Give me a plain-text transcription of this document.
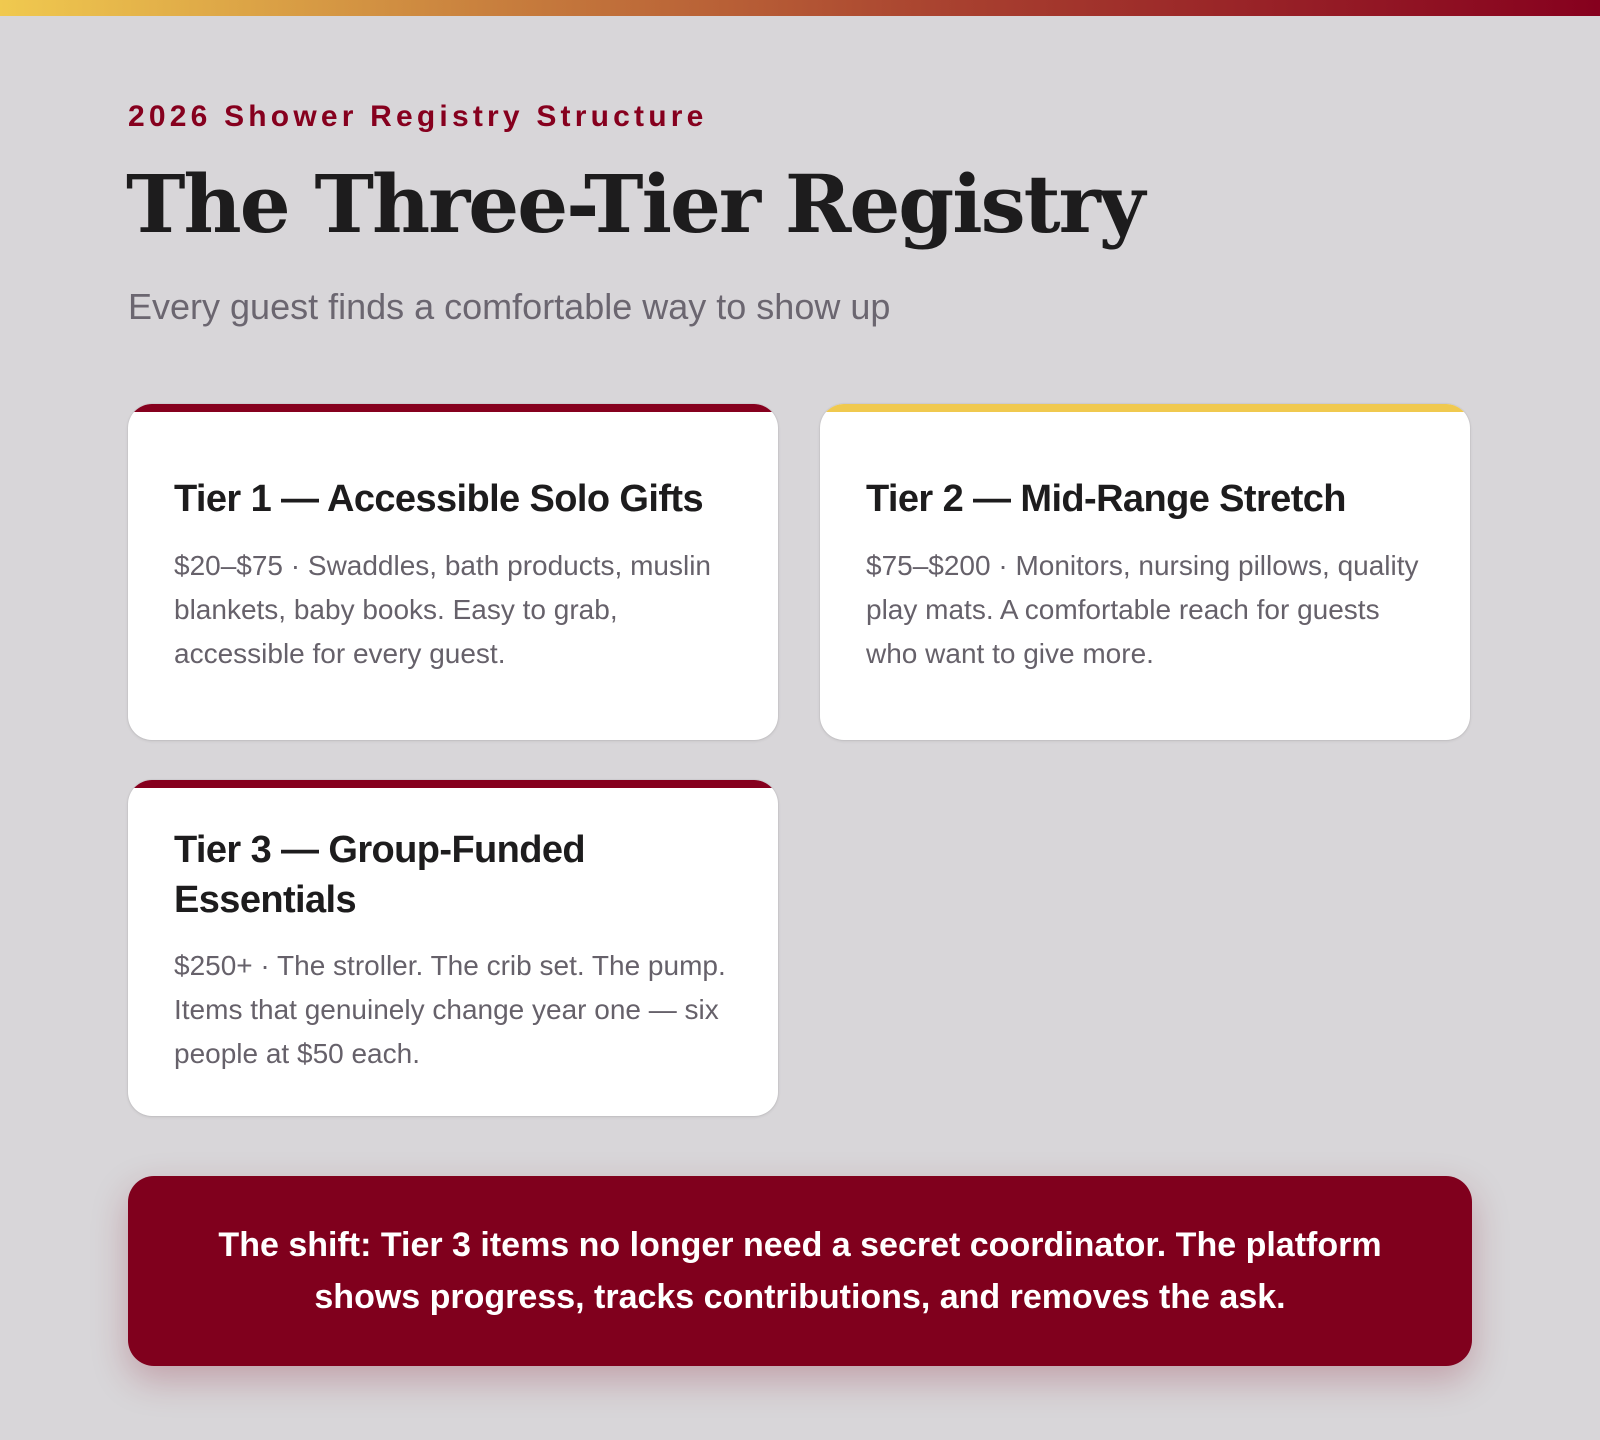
2026 Shower Registry Structure
The Three-Tier Registry
Every guest finds a comfortable way to show up
Tier 1 — Accessible Solo Gifts

$20–$75 · Swaddles, bath products, muslin blankets, baby books. Easy to grab, accessible for every guest.

Tier 2 — Mid-Range Stretch

$75–$200 · Monitors, nursing pillows, quality play mats. A comfortable reach for guests who want to give more.

Tier 3 — Group-Funded Essentials

$250+ · The stroller. The crib set. The pump. Items that genuinely change year one — six people at $50 each.

The shift: Tier 3 items no longer need a secret coordinator. The platform shows progress, tracks contributions, and removes the ask.
